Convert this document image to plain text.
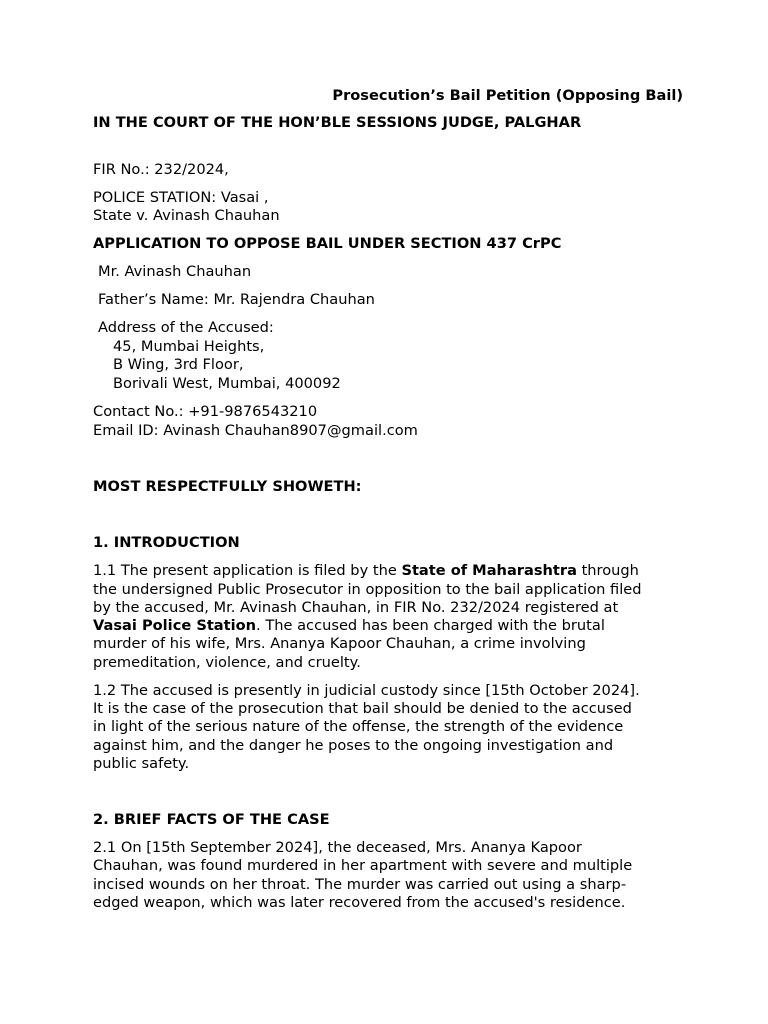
Prosecution’s Bail Petition (Opposing Bail)
IN THE COURT OF THE HON’BLE SESSIONS JUDGE, PALGHAR
FIR No.: 232/2024,
POLICE STATION: Vasai ,
State v. Avinash Chauhan
APPLICATION TO OPPOSE BAIL UNDER SECTION 437 CrPC
Mr. Avinash Chauhan
Father’s Name: Mr. Rajendra Chauhan
Address of the Accused:
45, Mumbai Heights,
B Wing, 3rd Floor,
Borivali West, Mumbai, 400092
Contact No.: +91-9876543210
Email ID: Avinash Chauhan8907@gmail.com
MOST RESPECTFULLY SHOWETH:
1. INTRODUCTION
1.1 The present application is filed by the State of Maharashtra through
the undersigned Public Prosecutor in opposition to the bail application filed
by the accused, Mr. Avinash Chauhan, in FIR No. 232/2024 registered at
Vasai Police Station. The accused has been charged with the brutal
murder of his wife, Mrs. Ananya Kapoor Chauhan, a crime involving
premeditation, violence, and cruelty.
1.2 The accused is presently in judicial custody since [15th October 2024].
It is the case of the prosecution that bail should be denied to the accused
in light of the serious nature of the offense, the strength of the evidence
against him, and the danger he poses to the ongoing investigation and
public safety.
2. BRIEF FACTS OF THE CASE
2.1 On [15th September 2024], the deceased, Mrs. Ananya Kapoor
Chauhan, was found murdered in her apartment with severe and multiple
incised wounds on her throat. The murder was carried out using a sharp-
edged weapon, which was later recovered from the accused's residence.
